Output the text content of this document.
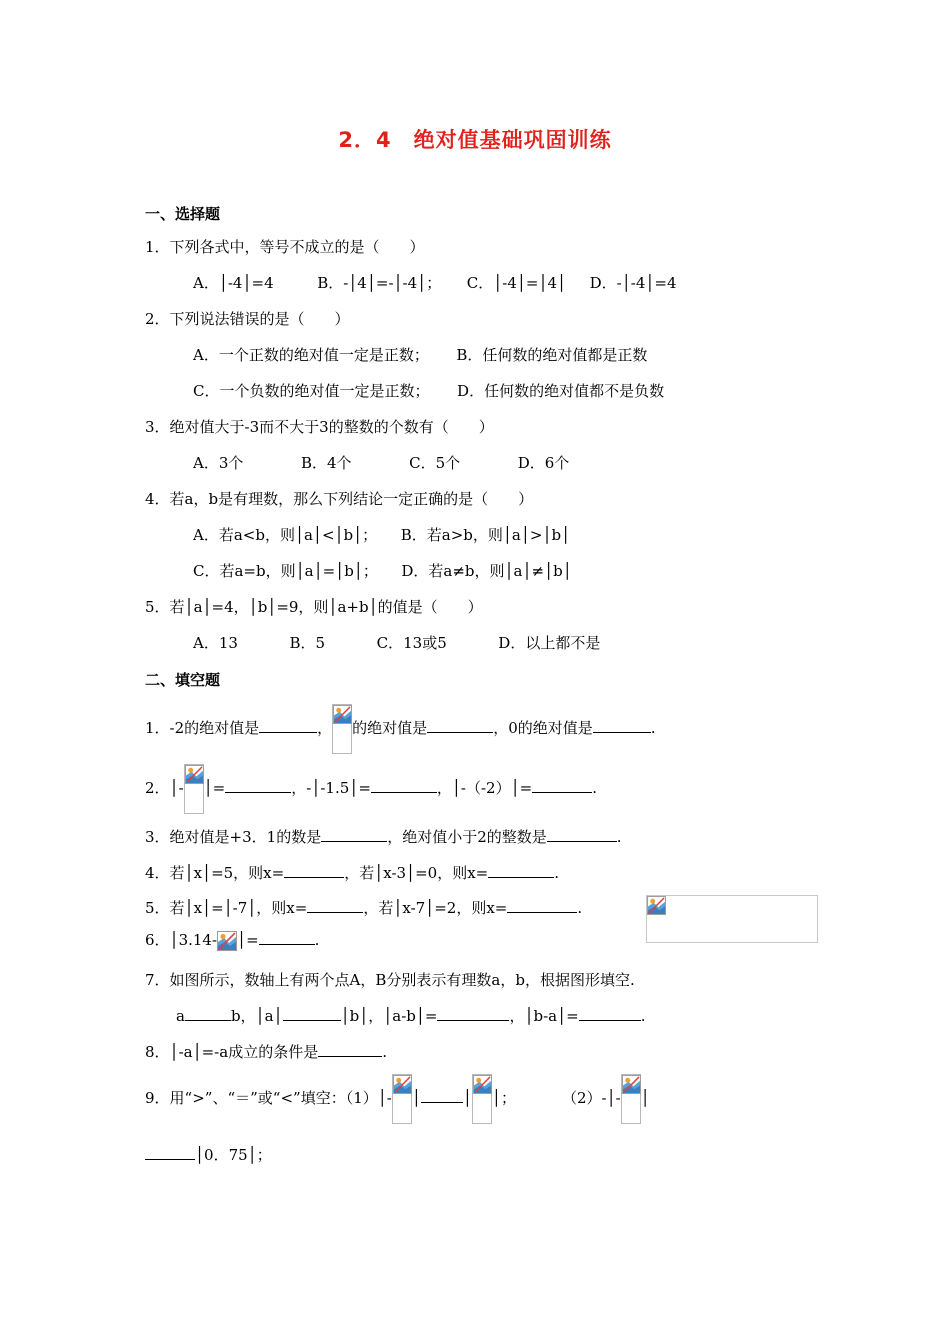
2．4　绝对值基础巩固训练
一、选择题
1．下列各式中，等号不成立的是（　　）
A．│-4│=4	B．-│4│=-│-4│； C．│-4│=│4│ D．-│-4│=4
2．下列说法错误的是（　　）
A．一个正数的绝对值一定是正数； B．任何数的绝对值都是正数
C．一个负数的绝对值一定是正数； D．任何数的绝对值都不是负数
3．绝对值大于-3而不大于3的整数的个数有（　　）
A．3个	B．4个	C．5个	D．6个
4．若a，b是有理数，那么下列结论一定正确的是（　　）
A．若a<b，则│a│<│b│； B．若a>b，则│a│>│b│
C．若a=b，则│a│=│b│； D．若a≠b，则│a│≠│b│
5．若│a│=4，│b│=9，则│a+b│的值是（　　）
A．13	B．5	C．13或5	D．以上都不是
二、填空题
1．-2的绝对值是	， 的绝对值是	，0的绝对值是	.
2．│- │=	，-│-1.5│=	，│-（-2）│=	.
3．绝对值是+3．1的数是	，绝对值小于2的整数是	.
4．若│x│=5，则x=	，若│x-3│=0，则x=	.
5．若│x│=│-7│，则x=	，若│x-7│=2，则x=	.
6．│3.14- │=	.
7．如图所示，数轴上有两个点A，B分别表示有理数a，b，根据图形填空.
a	b，│a│	│b│，│a-b│=	，│b-a│=	.
8．│-a│=-a成立的条件是	.
9．用“>”、“＝”或“<”填空：（1）│- │	│ │；	（2）-│- │
│0．75│；
